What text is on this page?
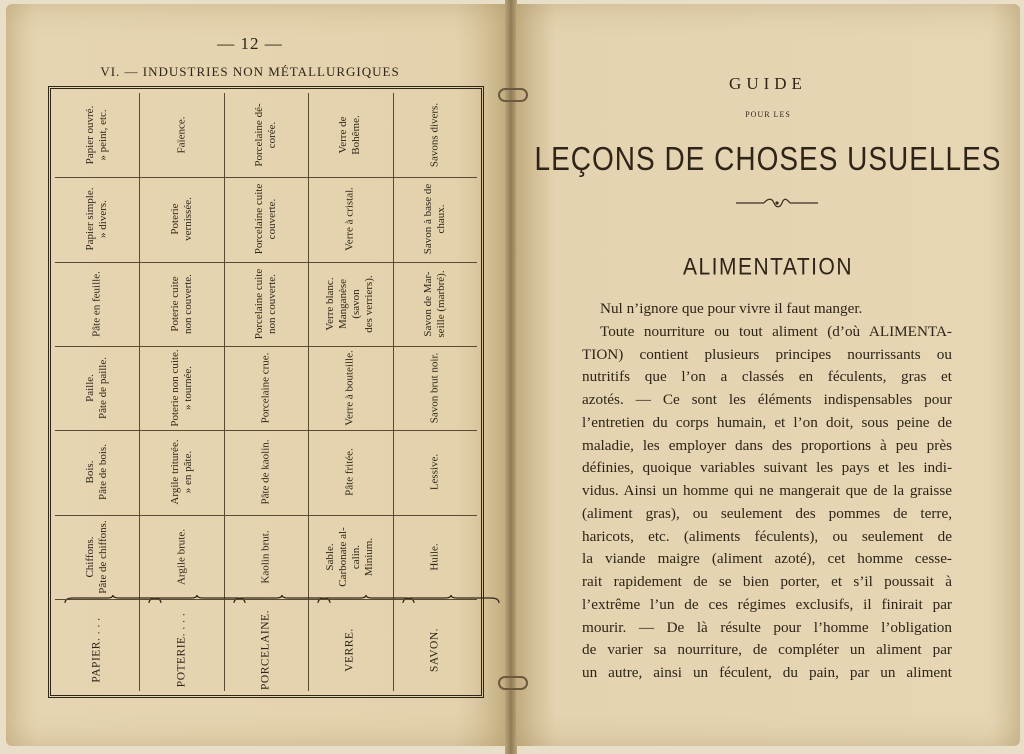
— 12 —
VI. — INDUSTRIES NON MÉTALLURGIQUES
PAPIER. . . .
Chiffons. Pâte de chiffons.
Bois. Pâte de bois.
Paille. Pâte de paille.
Pâte en feuille.
Papier simple. » divers.
Papier ouvré. » peint, etc.
POTERIE. . . .
Argile brute.
Argile triturée. » en pâte.
Poterie non cuite. » tournée.
Poterie cuite non couverte.
Poterie vernissée.
Faïence.
PORCELAINE.
Kaolin brut.
Pâte de kaolin.
Porcelaine crue.
Porcelaine cuite non couverte.
Porcelaine cuite couverte.
Porcelaine dé- corée.
VERRE.
Sable. Carbonate al- calin. Minium.
Pâte fritée.
Verre à bouteille.
Verre blanc. Manganèse (savon des verriers).
Verre à cristal.
Verre de Bohême.
SAVON.
Huile.
Lessive.
Savon brut noir.
Savon de Mar- seille (marbré).
Savon à base de chaux.
Savons divers.
GUIDE
POUR LES
LEÇONS DE CHOSES USUELLES
ALIMENTATION
Nul n’ignore que pour vivre il faut manger.
Toute nourriture ou tout aliment (d’où ALIMENTA-
TION) contient plusieurs principes nourrissants ou
nutritifs que l’on a classés en féculents, gras et
azotés. — Ce sont les éléments indispensables pour
l’entretien du corps humain, et l’on doit, sous peine de
maladie, les employer dans des proportions à peu près
définies, quoique variables suivant les pays et les indi-
vidus. Ainsi un homme qui ne mangerait que de la graisse
(aliment gras), ou seulement des pommes de terre,
haricots, etc. (aliments féculents), ou seulement de
la viande maigre (aliment azoté), cet homme cesse-
rait rapidement de se bien porter, et s’il poussait à
l’extrême l’un de ces régimes exclusifs, il finirait par
mourir. — De là résulte pour l’homme l’obligation
de varier sa nourriture, de compléter un aliment par
un autre, ainsi un féculent, du pain, par un aliment
